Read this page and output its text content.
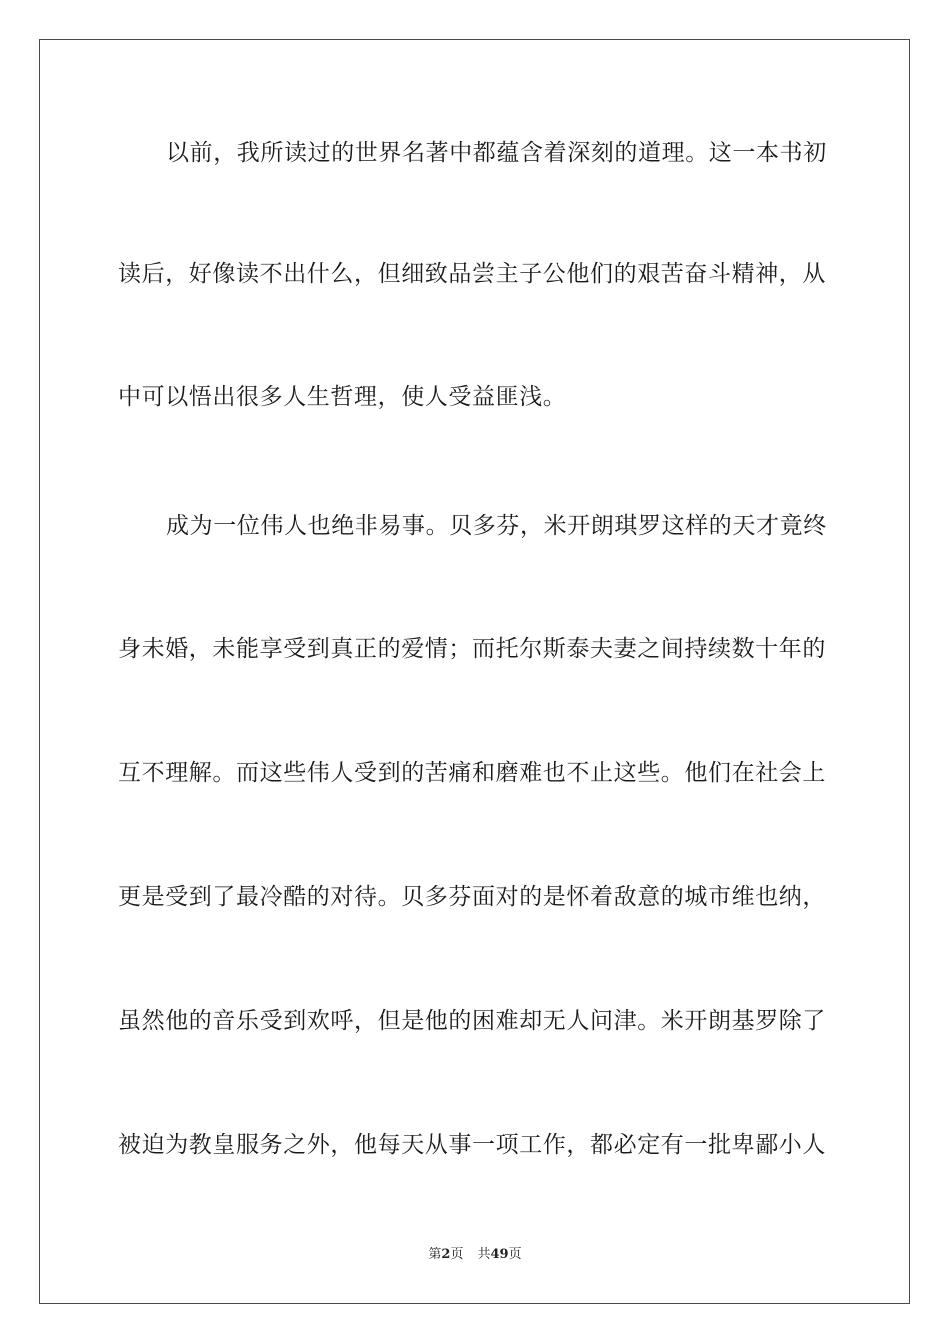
以前，我所读过的世界名著中都蕴含着深刻的道理。这一本书初
读后，好像读不出什么，但细致品尝主子公他们的艰苦奋斗精神，从
中可以悟出很多人生哲理，使人受益匪浅。
成为一位伟人也绝非易事。贝多芬，米开朗琪罗这样的天才竟终
身未婚，未能享受到真正的爱情；而托尔斯泰夫妻之间持续数十年的
互不理解。而这些伟人受到的苦痛和磨难也不止这些。他们在社会上
更是受到了最冷酷的对待。贝多芬面对的是怀着敌意的城市维也纳，
虽然他的音乐受到欢呼，但是他的困难却无人问津。米开朗基罗除了
被迫为教皇服务之外，他每天从事一项工作，都必定有一批卑鄙小人
第2页 共49页
